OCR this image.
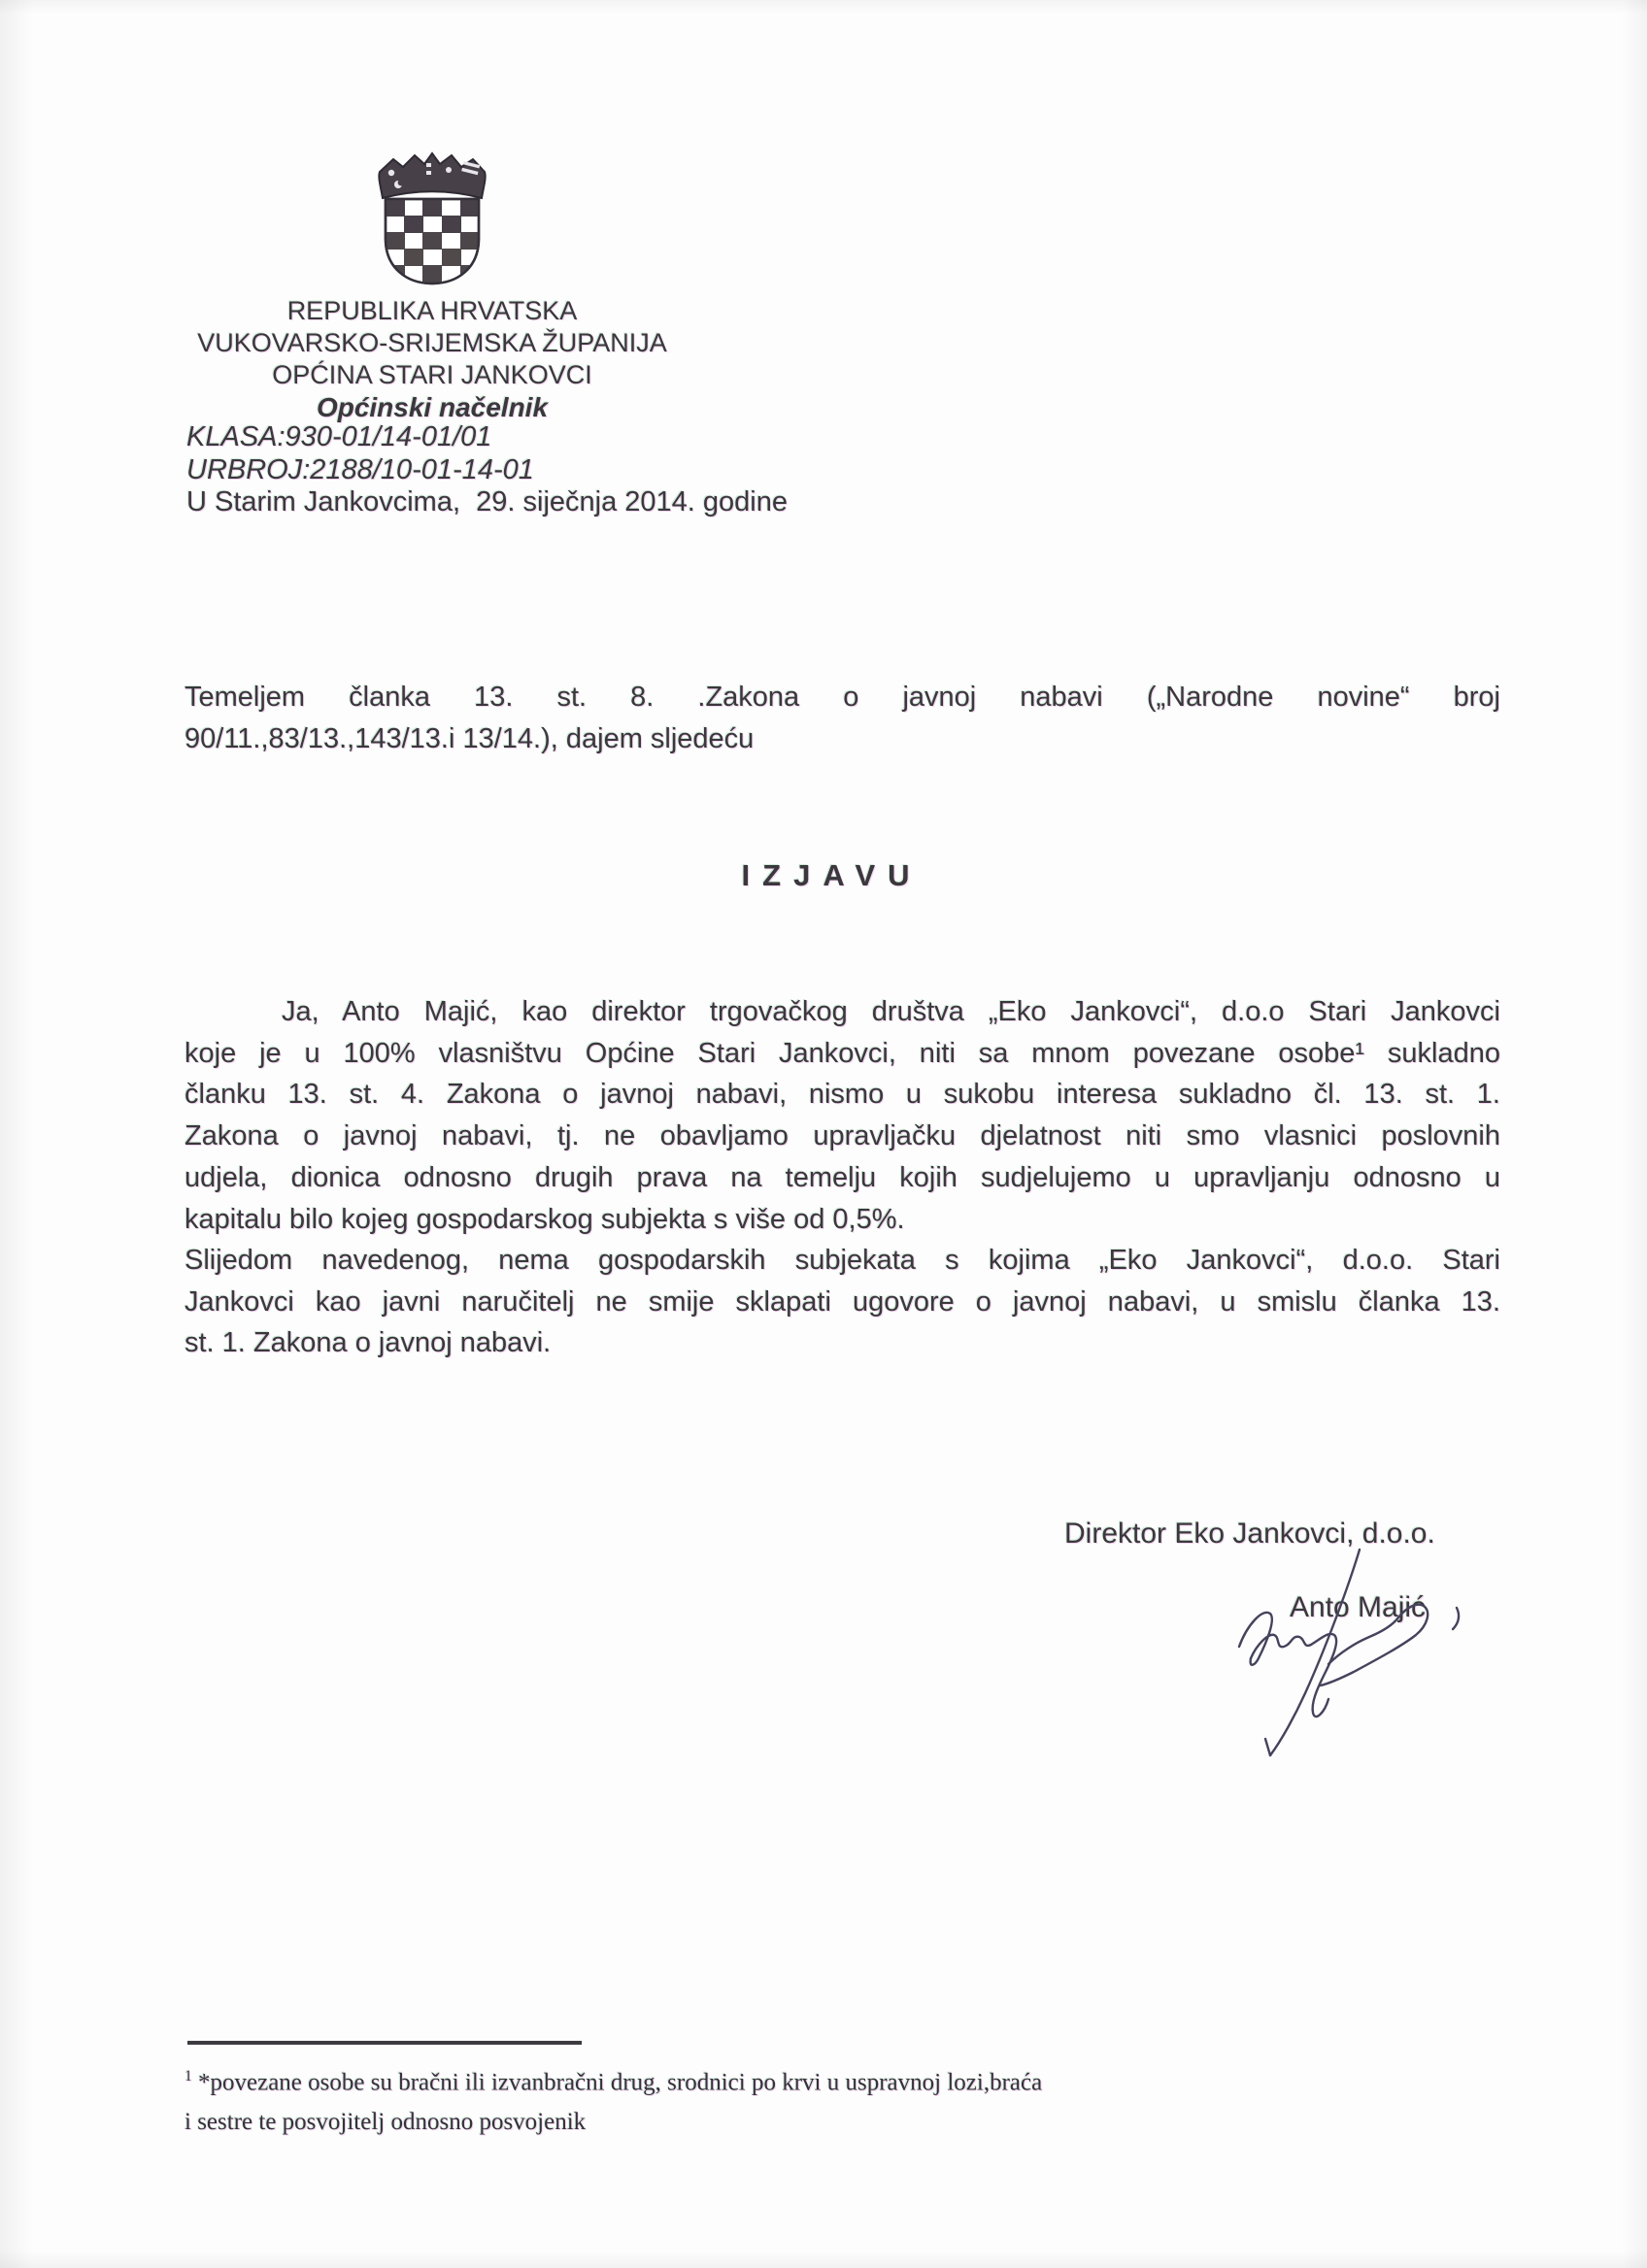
REPUBLIKA HRVATSKA
VUKOVARSKO-SRIJEMSKA ŽUPANIJA
OPĆINA STARI JANKOVCI
Općinski načelnik
KLASA:930-01/14-01/01
URBROJ:2188/10-01-14-01
U Starim Jankovcima,  29. siječnja 2014. godine
Temeljem članka 13. st. 8. .Zakona o javnoj nabavi („Narodne novine“ broj
90/11.,83/13.,143/13.i 13/14.), dajem sljedeću
IZJAVU
Ja, Anto Majić, kao direktor trgovačkog društva „Eko Jankovci“, d.o.o Stari Jankovci
koje je u 100% vlasništvu Općine Stari Jankovci, niti sa mnom povezane osobe¹ sukladno
članku 13. st. 4. Zakona o javnoj nabavi, nismo u sukobu interesa sukladno čl. 13. st. 1.
Zakona o javnoj nabavi, tj. ne obavljamo upravljačku djelatnost niti smo vlasnici poslovnih
udjela, dionica odnosno drugih prava na temelju kojih sudjelujemo u upravljanju odnosno u
kapitalu bilo kojeg gospodarskog subjekta s više od 0,5%.
Slijedom navedenog, nema gospodarskih subjekata s kojima „Eko Jankovci“, d.o.o. Stari
Jankovci kao javni naručitelj ne smije sklapati ugovore o javnoj nabavi, u smislu članka 13.
st. 1. Zakona o javnoj nabavi.
Direktor Eko Jankovci, d.o.o.
Anto Majić
$^1$ *povezane osobe su bračni ili izvanbračni drug, srodnici po krvi u uspravnoj lozi,braća
i sestre te posvojitelj odnosno posvojenik
